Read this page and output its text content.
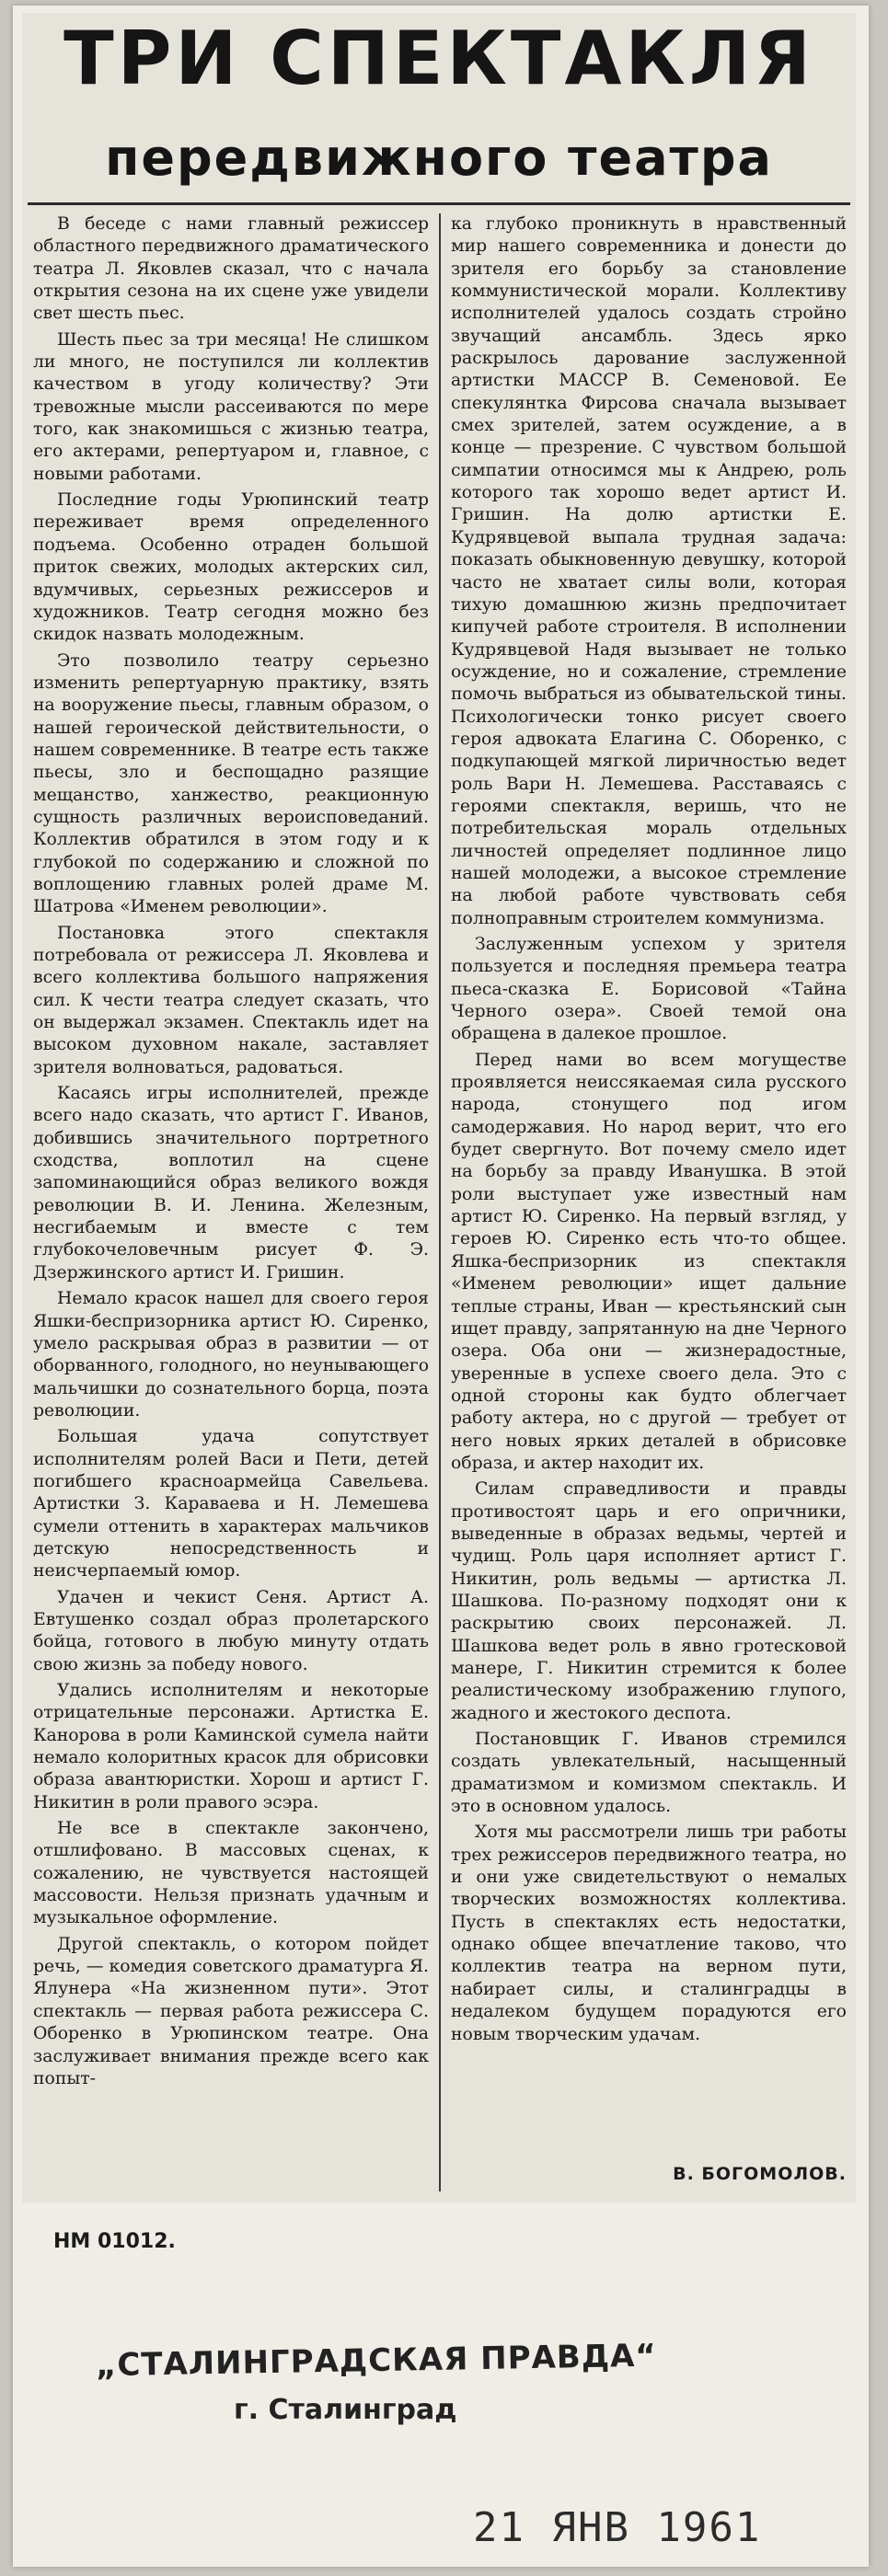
ТРИ СПЕКТАКЛЯ
передвижного театра

В беседе с нами главный режиссер областного передвижного драматического театра Л. Яковлев сказал, что с начала открытия сезона на их сцене уже увидели свет шесть пьес.

Шесть пьес за три месяца! Не слишком ли много, не поступился ли коллектив качеством в угоду количеству? Эти тревожные мысли рассеиваются по мере того, как знакомишься с жизнью театра, его актерами, репертуаром и, главное, с новыми работами.

Последние годы Урюпинский театр переживает время определенного подъема. Особенно отраден большой приток свежих, молодых актерских сил, вдумчивых, серьезных режиссеров и художников. Театр сегодня можно без скидок назвать молодежным.

Это позволило театру серьезно изменить репертуарную практику, взять на вооружение пьесы, главным образом, о нашей героической действительности, о нашем современнике. В театре есть также пьесы, зло и беспощадно разящие мещанство, ханжество, реакционную сущность различных вероисповеданий. Коллектив обратился в этом году и к глубокой по содержанию и сложной по воплощению главных ролей драме М. Шатрова «Именем революции».

Постановка этого спектакля потребовала от режиссера Л. Яковлева и всего коллектива большого напряжения сил. К чести театра следует сказать, что он выдержал экзамен. Спектакль идет на высоком духовном накале, заставляет зрителя волноваться, радоваться.

Касаясь игры исполнителей, прежде всего надо сказать, что артист Г. Иванов, добившись значительного портретного сходства, воплотил на сцене запоминающийся образ великого вождя революции В. И. Ленина. Железным, несгибаемым и вместе с тем глубокочеловечным рисует Ф. Э. Дзержинского артист И. Гришин.

Немало красок нашел для своего героя Яшки-беспризорника артист Ю. Сиренко, умело раскрывая образ в развитии — от оборванного, голодного, но неунывающего мальчишки до сознательного борца, поэта революции.

Большая удача сопутствует исполнителям ролей Васи и Пети, детей погибшего красноармейца Савельева. Артистки З. Караваева и Н. Лемешева сумели оттенить в характерах мальчиков детскую непосредственность и неисчерпаемый юмор.

Удачен и чекист Сеня. Артист А. Евтушенко создал образ пролетарского бойца, готового в любую минуту отдать свою жизнь за победу нового.

Удались исполнителям и некоторые отрицательные персонажи. Артистка Е. Канорова в роли Каминской сумела найти немало колоритных красок для обрисовки образа авантюристки. Хорош и артист Г. Никитин в роли правого эсэра.

Не все в спектакле закончено, отшлифовано. В массовых сценах, к сожалению, не чувствуется настоящей массовости. Нельзя признать удачным и музыкальное оформление.

Другой спектакль, о котором пойдет речь, — комедия советского драматурга Я. Ялунера «На жизненном пути». Этот спектакль — первая работа режиссера С. Оборенко в Урюпинском театре. Она заслуживает внимания прежде всего как попыт-

ка глубоко проникнуть в нравственный мир нашего современника и донести до зрителя его борьбу за становление коммунистической морали. Коллективу исполнителей удалось создать стройно звучащий ансамбль. Здесь ярко раскрылось дарование заслуженной артистки МАССР В. Семеновой. Ее спекулянтка Фирсова сначала вызывает смех зрителей, затем осуждение, а в конце — презрение. С чувством большой симпатии относимся мы к Андрею, роль которого так хорошо ведет артист И. Гришин. На долю артистки Е. Кудрявцевой выпала трудная задача: показать обыкновенную девушку, которой часто не хватает силы воли, которая тихую домашнюю жизнь предпочитает кипучей работе строителя. В исполнении Кудрявцевой Надя вызывает не только осуждение, но и сожаление, стремление помочь выбраться из обывательской тины. Психологически тонко рисует своего героя адвоката Елагина С. Оборенко, с подкупающей мягкой лиричностью ведет роль Вари Н. Лемешева. Расставаясь с героями спектакля, веришь, что не потребительская мораль отдельных личностей определяет подлинное лицо нашей молодежи, а высокое стремление на любой работе чувствовать себя полноправным строителем коммунизма.

Заслуженным успехом у зрителя пользуется и последняя премьера театра пьеса-сказка Е. Борисовой «Тайна Черного озера». Своей темой она обращена в далекое прошлое.

Перед нами во всем могуществе проявляется неиссякаемая сила русского народа, стонущего под игом самодержавия. Но народ верит, что его будет свергнуто. Вот почему смело идет на борьбу за правду Иванушка. В этой роли выступает уже известный нам артист Ю. Сиренко. На первый взгляд, у героев Ю. Сиренко есть что-то общее. Яшка-беспризорник из спектакля «Именем революции» ищет дальние теплые страны, Иван — крестьянский сын ищет правду, запрятанную на дне Черного озера. Оба они — жизнерадостные, уверенные в успехе своего дела. Это с одной стороны как будто облегчает работу актера, но с другой — требует от него новых ярких деталей в обрисовке образа, и актер находит их.

Силам справедливости и правды противостоят царь и его опричники, выведенные в образах ведьмы, чертей и чудищ. Роль царя исполняет артист Г. Никитин, роль ведьмы — артистка Л. Шашкова. По-разному подходят они к раскрытию своих персонажей. Л. Шашкова ведет роль в явно гротесковой манере, Г. Никитин стремится к более реалистическому изображению глупого, жадного и жестокого деспота.

Постановщик Г. Иванов стремился создать увлекательный, насыщенный драматизмом и комизмом спектакль. И это в основном удалось.

Хотя мы рассмотрели лишь три работы трех режиссеров передвижного театра, но и они уже свидетельствуют о немалых творческих возможностях коллектива. Пусть в спектаклях есть недостатки, однако общее впечатление таково, что коллектив театра на верном пути, набирает силы, и сталинградцы в недалеком будущем порадуются его новым творческим удачам.

В. БОГОМОЛОВ.
НМ 01012.
„СТАЛИНГРАДСКАЯ ПРАВДА“
г. Сталинград
21 ЯНВ 1961
